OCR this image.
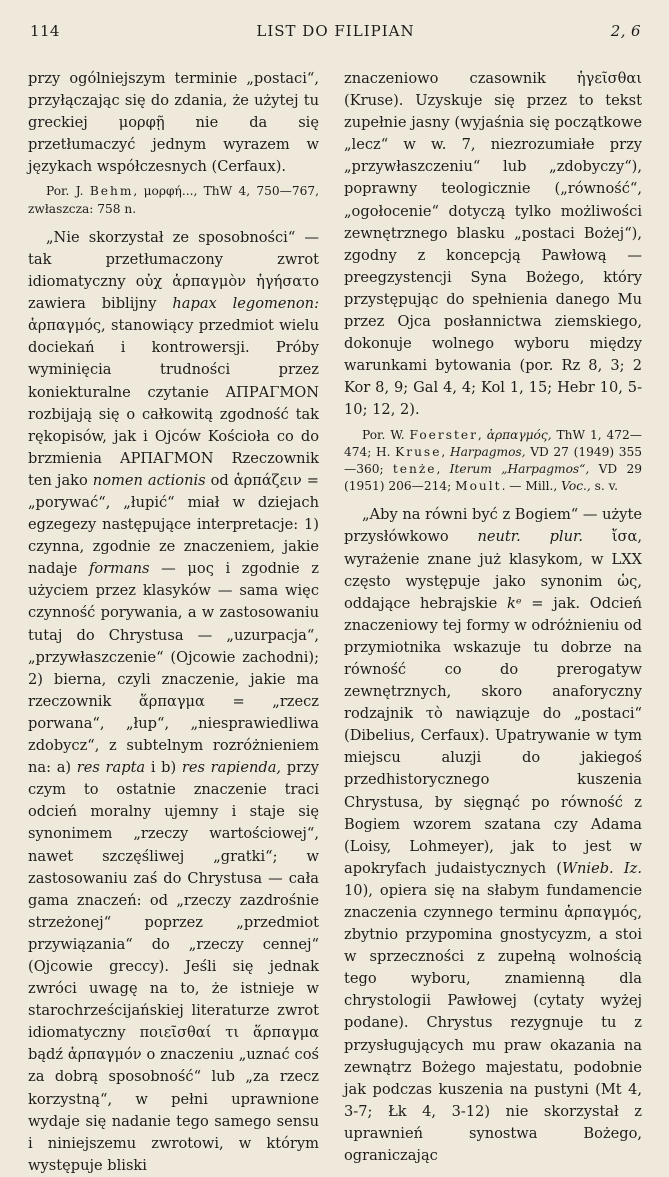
114	LIST DO FILIPIAN	2, 6

przy ogólniejszym terminie „postaci“, przyłączając się do zdania, że użytej tu greckiej μορφῇ nie da się przetłumaczyć jednym wyrazem w językach współczesnych (Cerfaux).

Por. J. Behm, μορφή..., ThW 4, 750—767, zwłaszcza: 758 n.

„Nie skorzystał ze sposobności“ — tak przetłumaczony zwrot idiomatyczny οὐχ ἁρπαγμὸν ἡγήσατο zawiera biblijny hapax legomenon: ἁρπαγμός, stanowiący przedmiot wielu dociekań i kontrowersji. Próby wyminięcia trudności przez koniekturalne czytanie ΑΠΡΑΓΜΟΝ rozbijają się o całkowitą zgodność tak rękopisów, jak i Ojców Kościoła co do brzmienia ΑΡΠΑΓΜΟΝ Rzeczownik ten jako nomen actionis od ἁρπάζειν = „porywać“, „łupić“ miał w dziejach egzegezy następujące interpretacje: 1) czynna, zgodnie ze znaczeniem, jakie nadaje formans — μος i zgodnie z użyciem przez klasyków — sama więc czynność porywania, a w zastosowaniu tutaj do Chrystusa — „uzurpacja“, „przywłaszczenie“ (Ojcowie zachodni); 2) bierna, czyli znaczenie, jakie ma rzeczownik ἅρπαγμα = „rzecz porwana“, „łup“, „niesprawiedliwa zdobycz“, z subtelnym rozróżnieniem na: a) res rapta i b) res rapienda, przy czym to ostatnie znaczenie traci odcień moralny ujemny i staje się synonimem „rzeczy wartościowej“, nawet szczęśliwej „gratki“; w zastosowaniu zaś do Chrystusa — cała gama znaczeń: od „rzeczy zazdrośnie strzeżonej“ poprzez „przedmiot przywiązania“ do „rzeczy cennej“ (Ojcowie greccy). Jeśli się jednak zwróci uwagę na to, że istnieje w starochrześcijańskiej literaturze zwrot idiomatyczny ποιεῖσθαί τι ἅρπαγμα bądź ἁρπαγμόν o znaczeniu „uznać coś za dobrą sposobność“ lub „za rzecz korzystną“, w pełni uprawnione wydaje się nadanie tego samego sensu i niniejszemu zwrotowi, w którym występuje bliski

znaczeniowo czasownik ἡγεῖσθαι (Kruse). Uzyskuje się przez to tekst zupełnie jasny (wyjaśnia się początkowe „lecz“ w w. 7, niezrozumiałe przy „przywłaszczeniu“ lub „zdobyczy“), poprawny teologicznie („równość“, „ogołocenie“ dotyczą tylko możliwości zewnętrznego blasku „postaci Bożej“), zgodny z koncepcją Pawłową — preegzystencji Syna Bożego, który przystępując do spełnienia danego Mu przez Ojca posłannictwa ziemskiego, dokonuje wolnego wyboru między warunkami bytowania (por. Rz 8, 3; 2 Kor 8, 9; Gal 4, 4; Kol 1, 15; Hebr 10, 5-10; 12, 2).

Por. W. Foerster, ἁρπαγμός, ThW 1, 472—474; H. Kruse, Harpagmos, VD 27 (1949) 355—360; tenże, Iterum „Harpagmos“, VD 29 (1951) 206—214; Moult. — Mill., Voc., s. v.

„Aby na równi być z Bogiem“ — użyte przysłówkowo neutr. plur. ἴσα, wyrażenie znane już klasykom, w LXX często występuje jako synonim ὡς, oddające hebrajskie kᵉ = jak. Odcień znaczeniowy tej formy w odróżnieniu od przymiotnika wskazuje tu dobrze na równość co do prerogatyw zewnętrznych, skoro anaforyczny rodzajnik τὸ nawiązuje do „postaci“ (Dibelius, Cerfaux). Upatrywanie w tym miejscu aluzji do jakiegoś przedhistorycznego kuszenia Chrystusa, by sięgnąć po równość z Bogiem wzorem szatana czy Adama (Loisy, Lohmeyer), jak to jest w apokryfach judaistycznych (Wnieb. Iz. 10), opiera się na słabym fundamencie znaczenia czynnego terminu ἁρπαγμός, zbytnio przypomina gnostycyzm, a stoi w sprzeczności z zupełną wolnością tego wyboru, znamienną dla chrystologii Pawłowej (cytaty wyżej podane). Chrystus rezygnuje tu z przysługujących mu praw okazania na zewnątrz Bożego majestatu, podobnie jak podczas kuszenia na pustyni (Mt 4, 3-7; Łk 4, 3-12) nie skorzystał z uprawnień synostwa Bożego, ograniczając
